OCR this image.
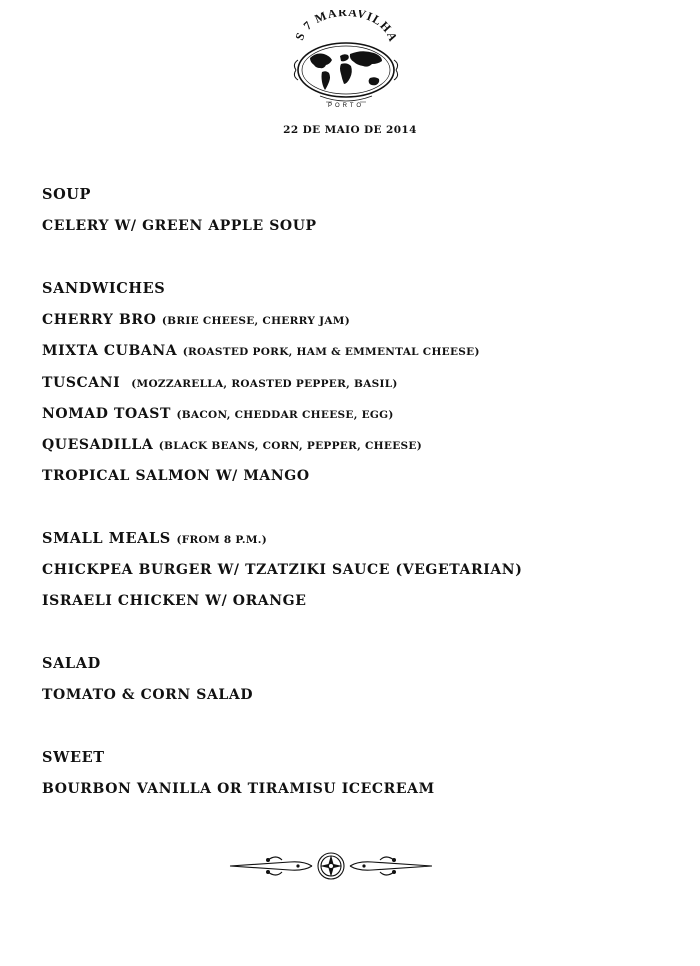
S 7 MARAVILHA
PORTO
22 DE MAIO DE 2014
SOUP
CELERY W/ GREEN APPLE SOUP
SANDWICHES
CHERRY BRO (BRIE CHEESE, CHERRY JAM)
MIXTA CUBANA (ROASTED PORK, HAM & EMMENTAL CHEESE)
TUSCANI (MOZZARELLA, ROASTED PEPPER, BASIL)
NOMAD TOAST (BACON, CHEDDAR CHEESE, EGG)
QUESADILLA (BLACK BEANS, CORN, PEPPER, CHEESE)
TROPICAL SALMON W/ MANGO
SMALL MEALS (FROM 8 P.M.)
CHICKPEA BURGER W/ TZATZIKI SAUCE (VEGETARIAN)
ISRAELI CHICKEN W/ ORANGE
SALAD
TOMATO & CORN SALAD
SWEET
BOURBON VANILLA OR TIRAMISU ICECREAM
